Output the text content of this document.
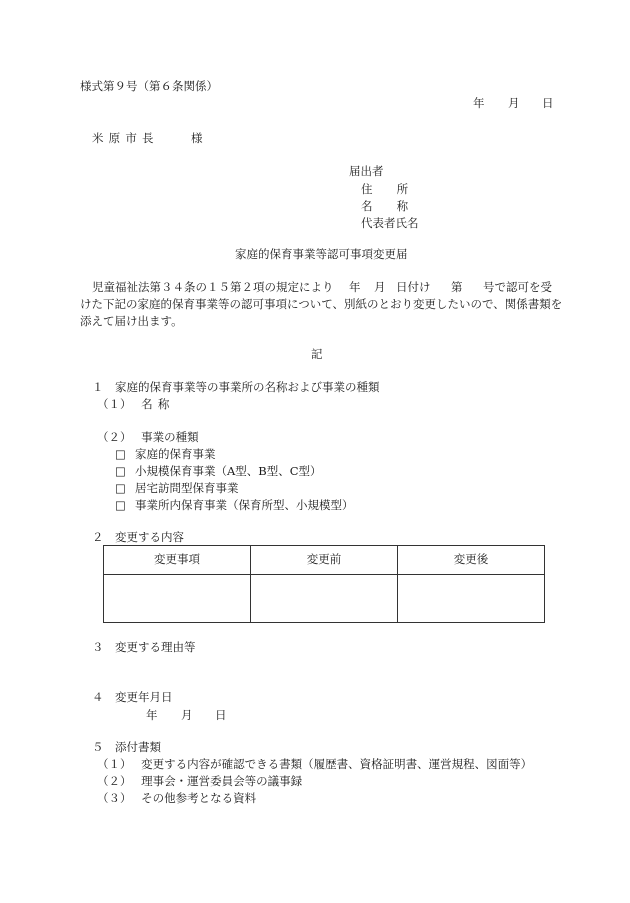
様式第９号（第６条関係）
年 月 日
米原市長	様
届出者
住所
名称
代表者氏名
家庭的保育事業等認可事項変更届
児童福祉法第３４条の１５第２項の規定により 年 月 日付け 第 号で認可を受
けた下記の家庭的保育事業等の認可事項について、別紙のとおり変更したいので、関係書類を
添えて届け出ます。
記
１　家庭的保育事業等の事業所の名称および事業の種類
（１） 名称
（２） 事業の種類
□ 家庭的保育事業
□ 小規模保育事業（A型、B型、C型）
□ 居宅訪問型保育事業
□ 事業所内保育事業（保育所型、小規模型）
２　変更する内容
変更事項	変更前	変更後

３　変更する理由等
４　変更年月日
年 月 日
５　添付書類
（１） 変更する内容が確認できる書類（履歴書、資格証明書、運営規程、図面等）
（２） 理事会・運営委員会等の議事録
（３） その他参考となる資料
